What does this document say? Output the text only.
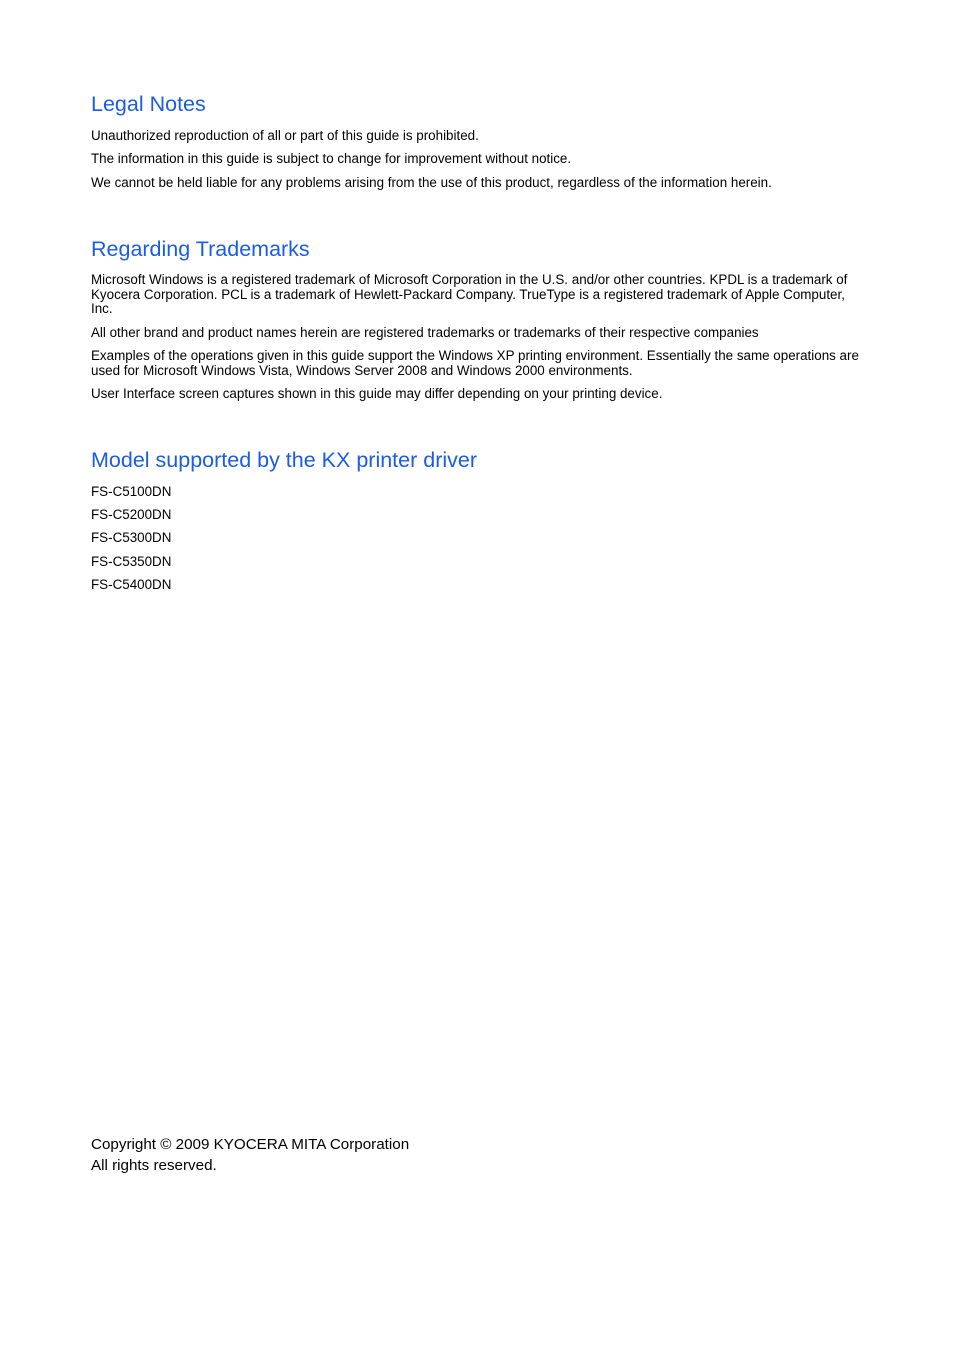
Legal Notes

Unauthorized reproduction of all or part of this guide is prohibited.

The information in this guide is subject to change for improvement without notice.

We cannot be held liable for any problems arising from the use of this product, regardless of the information herein.

Regarding Trademarks

Microsoft Windows is a registered trademark of Microsoft Corporation in the U.S. and/or other countries. KPDL is a trademark of Kyocera Corporation. PCL is a trademark of Hewlett-Packard Company. TrueType is a registered trademark of Apple Computer, Inc.

All other brand and product names herein are registered trademarks or trademarks of their respective companies

Examples of the operations given in this guide support the Windows XP printing environment. Essentially the same operations are used for Microsoft Windows Vista, Windows Server 2008 and Windows 2000 environments.

User Interface screen captures shown in this guide may differ depending on your printing device.

Model supported by the KX printer driver

FS-C5100DN

FS-C5200DN

FS-C5300DN

FS-C5350DN

FS-C5400DN

Copyright © 2009 KYOCERA MITA Corporation

All rights reserved.
